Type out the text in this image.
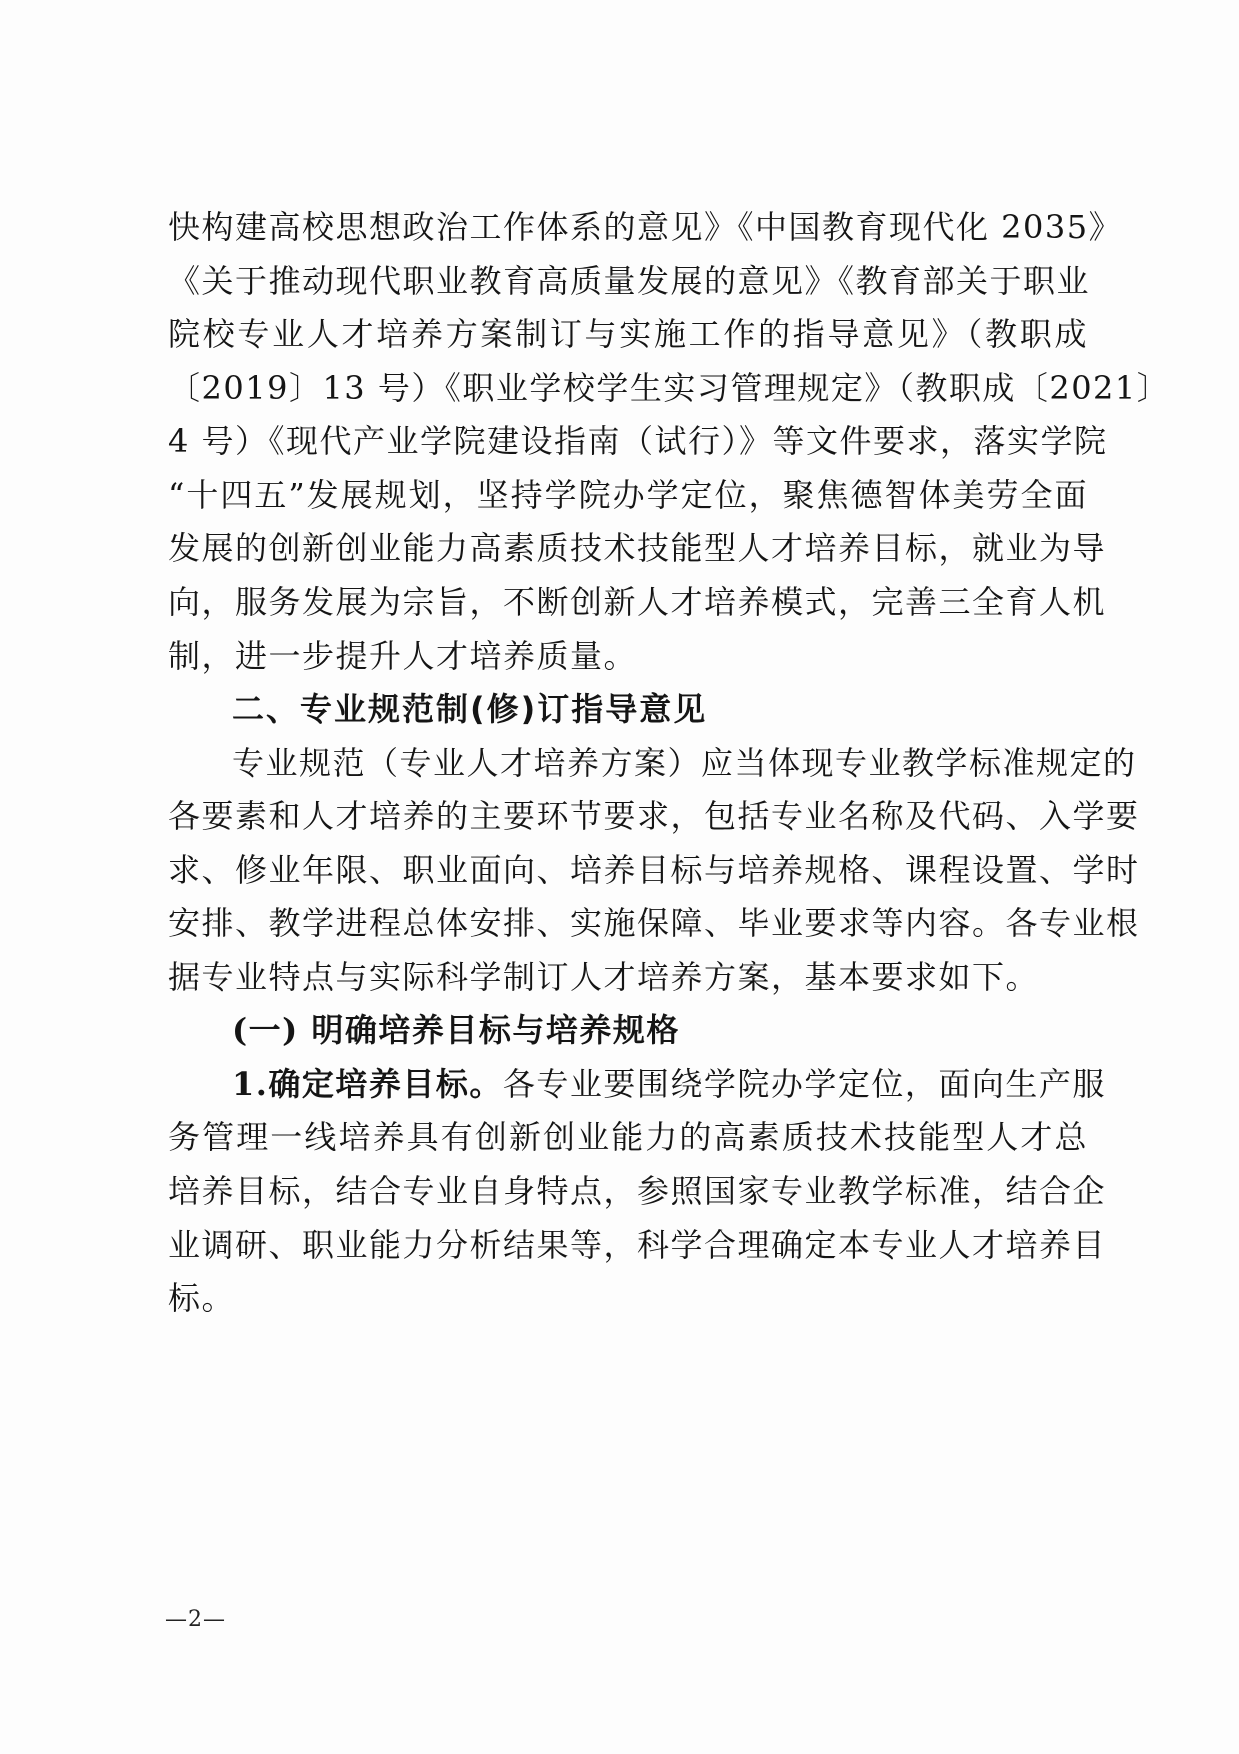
快构建高校思想政治工作体系的意见》《中国教育现代化 2035》
《关于推动现代职业教育高质量发展的意见》《教育部关于职业
院校专业人才培养方案制订与实施工作的指导意见》（教职成
〔2019〕13 号）《职业学校学生实习管理规定》（教职成〔2021〕
4 号）《现代产业学院建设指南（试行）》等文件要求，落实学院
“十四五”发展规划，坚持学院办学定位，聚焦德智体美劳全面
发展的创新创业能力高素质技术技能型人才培养目标，就业为导
向，服务发展为宗旨，不断创新人才培养模式，完善三全育人机
制，进一步提升人才培养质量。
二、专业规范制(修)订指导意见
专业规范（专业人才培养方案）应当体现专业教学标准规定的
各要素和人才培养的主要环节要求，包括专业名称及代码、入学要
求、修业年限、职业面向、培养目标与培养规格、课程设置、学时
安排、教学进程总体安排、实施保障、毕业要求等内容。各专业根
据专业特点与实际科学制订人才培养方案，基本要求如下。
(一) 明确培养目标与培养规格
1.确定培养目标。各专业要围绕学院办学定位，面向生产服
务管理一线培养具有创新创业能力的高素质技术技能型人才总
培养目标，结合专业自身特点，参照国家专业教学标准，结合企
业调研、职业能力分析结果等，科学合理确定本专业人才培养目
标。
—2—
